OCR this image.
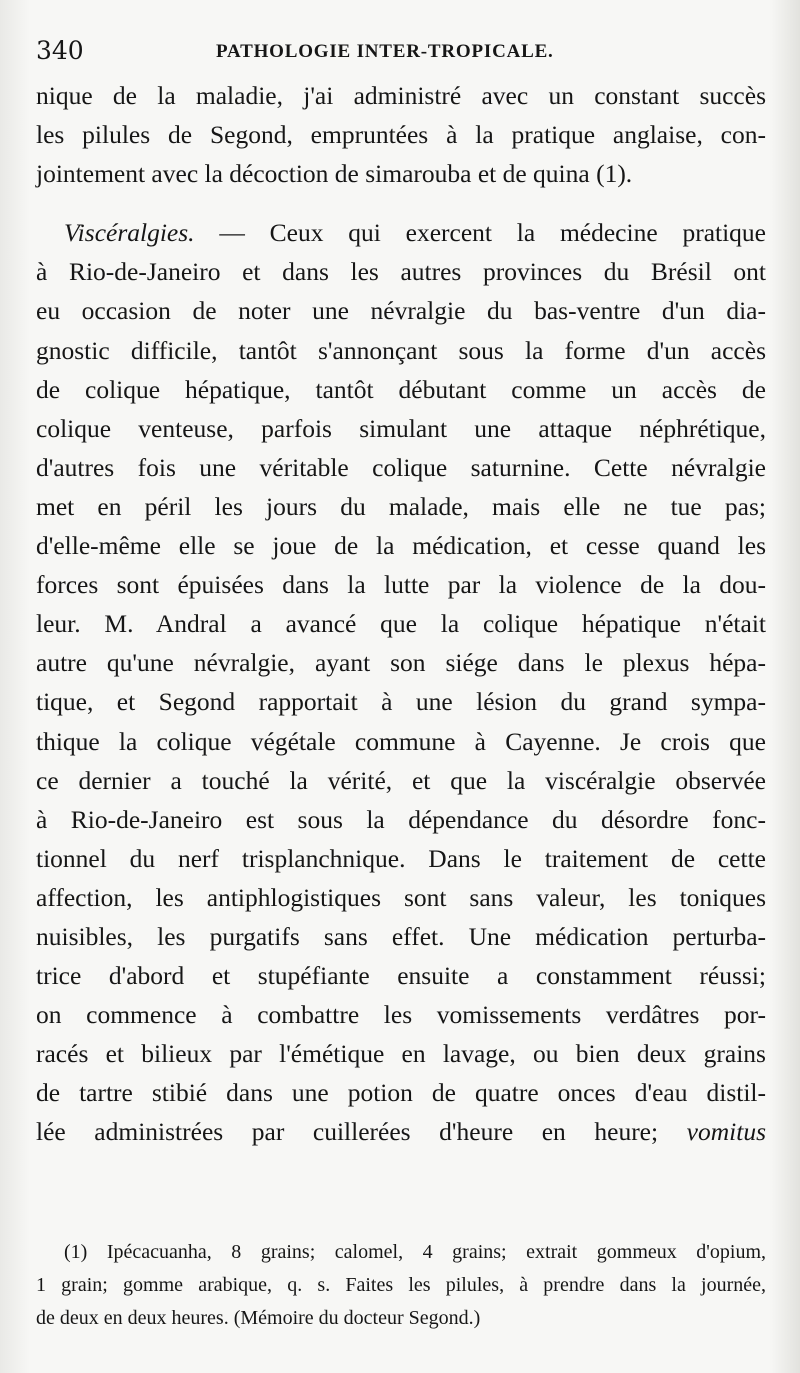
340	PATHOLOGIE INTER-TROPICALE.
nique de la maladie, j'ai administré avec un constant succès
les pilules de Segond, empruntées à la pratique anglaise, con-
jointement avec la décoction de simarouba et de quina (1).
Viscéralgies. — Ceux qui exercent la médecine pratique
à Rio-de-Janeiro et dans les autres provinces du Brésil ont
eu occasion de noter une névralgie du bas-ventre d'un dia-
gnostic difficile, tantôt s'annonçant sous la forme d'un accès
de colique hépatique, tantôt débutant comme un accès de
colique venteuse, parfois simulant une attaque néphrétique,
d'autres fois une véritable colique saturnine. Cette névralgie
met en péril les jours du malade, mais elle ne tue pas;
d'elle-même elle se joue de la médication, et cesse quand les
forces sont épuisées dans la lutte par la violence de la dou-
leur. M. Andral a avancé que la colique hépatique n'était
autre qu'une névralgie, ayant son siége dans le plexus hépa-
tique, et Segond rapportait à une lésion du grand sympa-
thique la colique végétale commune à Cayenne. Je crois que
ce dernier a touché la vérité, et que la viscéralgie observée
à Rio-de-Janeiro est sous la dépendance du désordre fonc-
tionnel du nerf trisplanchnique. Dans le traitement de cette
affection, les antiphlogistiques sont sans valeur, les toniques
nuisibles, les purgatifs sans effet. Une médication perturba-
trice d'abord et stupéfiante ensuite a constamment réussi;
on commence à combattre les vomissements verdâtres por-
racés et bilieux par l'émétique en lavage, ou bien deux grains
de tartre stibié dans une potion de quatre onces d'eau distil-
lée administrées par cuillerées d'heure en heure; vomitus
(1) Ipécacuanha, 8 grains; calomel, 4 grains; extrait gommeux d'opium,
1 grain; gomme arabique, q. s. Faites les pilules, à prendre dans la journée,
de deux en deux heures. (Mémoire du docteur Segond.)
